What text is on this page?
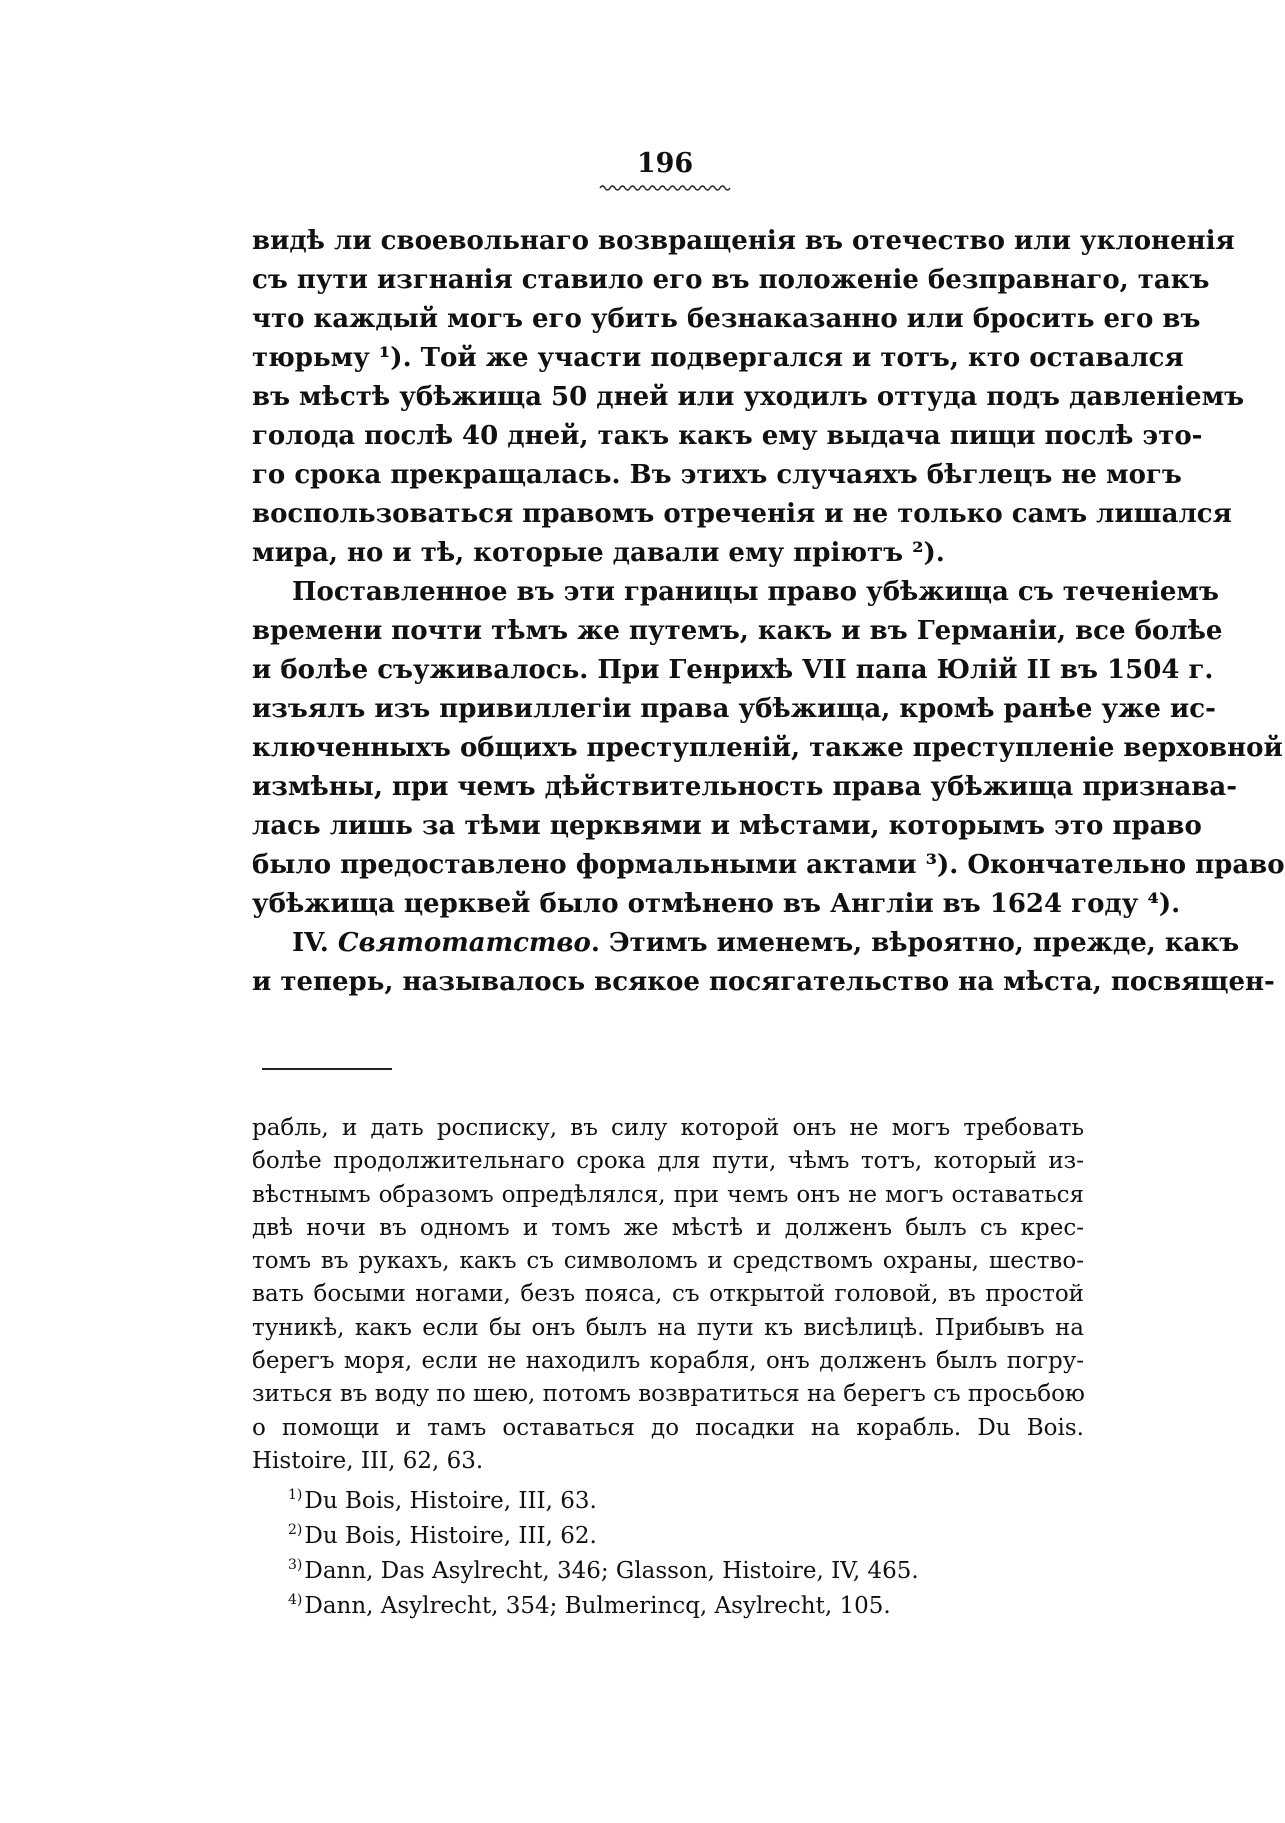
196
видѣ ли своевольнаго возвращенія въ отечество или уклоненія
съ пути изгнанія ставило его въ положеніе безправнаго, такъ
что каждый могъ его убить безнаказанно или бросить его въ
тюрьму ¹). Той же участи подвергался и тотъ, кто оставался
въ мѣстѣ убѣжища 50 дней или уходилъ оттуда подъ давленіемъ
голода послѣ 40 дней, такъ какъ ему выдача пищи послѣ это-
го срока прекращалась. Въ этихъ случаяхъ бѣглецъ не могъ
воспользоваться правомъ отреченія и не только самъ лишался
мира, но и тѣ, которые давали ему пріютъ ²).
Поставленное въ эти границы право убѣжища съ теченіемъ
времени почти тѣмъ же путемъ, какъ и въ Германіи, все болѣе
и болѣе съуживалось. При Генрихѣ VII папа Юлій II въ 1504 г.
изъялъ изъ привиллегіи права убѣжища, кромѣ ранѣе уже ис-
ключенныхъ общихъ преступленій, также преступленіе верховной
измѣны, при чемъ дѣйствительность права убѣжища признава-
лась лишь за тѣми церквями и мѣстами, которымъ это право
было предоставлено формальными актами ³). Окончательно право
убѣжища церквей было отмѣнено въ Англіи въ 1624 году ⁴).
IV. Святотатство. Этимъ именемъ, вѣроятно, прежде, какъ
и теперь, называлось всякое посягательство на мѣста, посвящен-
рабль, и дать росписку, въ силу которой онъ не могъ требовать
болѣе продолжительнаго срока для пути, чѣмъ тотъ, который из-
вѣстнымъ образомъ опредѣлялся, при чемъ онъ не могъ оставаться
двѣ ночи въ одномъ и томъ же мѣстѣ и долженъ былъ съ крес-
томъ въ рукахъ, какъ съ символомъ и средствомъ охраны, шество-
вать босыми ногами, безъ пояса, съ открытой головой, въ простой
туникѣ, какъ если бы онъ былъ на пути къ висѣлицѣ. Прибывъ на
берегъ моря, если не находилъ корабля, онъ долженъ былъ погру-
зиться въ воду по шею, потомъ возвратиться на берегъ съ просьбою
о помощи и тамъ оставаться до посадки на корабль. Du Bois.
Histoire, III, 62, 63.
$^{1)}$Du Bois, Histoire, III, 63.
$^{2)}$Du Bois, Histoire, III, 62.
$^{3)}$Dann, Das Asylrecht, 346; Glasson, Histoire, IV, 465.
$^{4)}$Dann, Asylrecht, 354; Bulmerincq, Asylrecht, 105.
